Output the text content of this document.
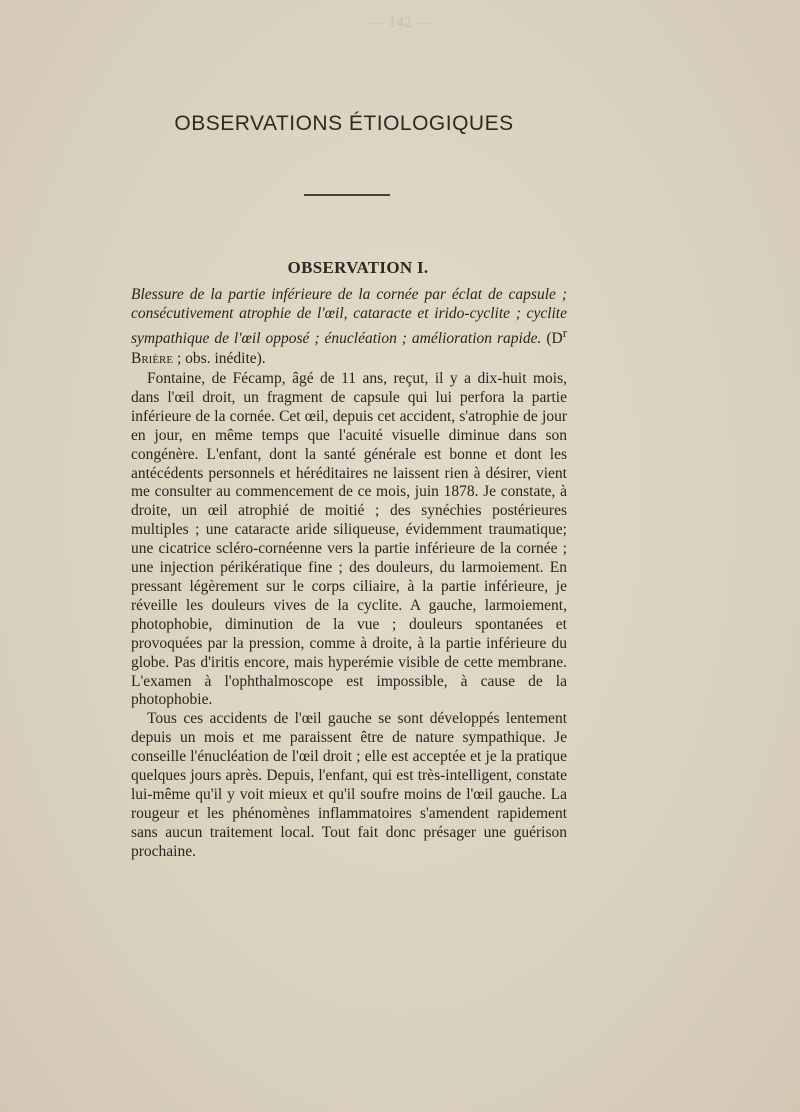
— 142 —
OBSERVATIONS ÉTIOLOGIQUES
OBSERVATION I.
Blessure de la partie inférieure de la cornée par éclat de capsule ; consécutivement atrophie de l'œil, cataracte et irido-cyclite ; cyclite sympathique de l'œil opposé ; énucléation ; amélioration rapide. ($D^r$ Brière ; obs. inédite).

Fontaine, de Fécamp, âgé de 11 ans, reçut, il y a dix-huit mois, dans l'œil droit, un fragment de capsule qui lui perfora la partie inférieure de la cornée. Cet œil, depuis cet accident, s'atrophie de jour en jour, en même temps que l'acuité visuelle diminue dans son congénère. L'enfant, dont la santé générale est bonne et dont les antécédents personnels et héréditaires ne laissent rien à désirer, vient me consulter au commencement de ce mois, juin 1878. Je constate, à droite, un œil atrophié de moitié ; des synéchies postérieures multiples ; une cataracte aride siliqueuse, évidemment traumatique; une cicatrice scléro-cornéenne vers la partie inférieure de la cornée ; une injection périkératique fine ; des douleurs, du larmoiement. En pressant légèrement sur le corps ciliaire, à la partie inférieure, je réveille les douleurs vives de la cyclite. A gauche, larmoiement, photophobie, diminution de la vue ; douleurs spontanées et provoquées par la pression, comme à droite, à la partie inférieure du globe. Pas d'iritis encore, mais hyperémie visible de cette membrane. L'examen à l'ophthalmoscope est impossible, à cause de la photophobie.

Tous ces accidents de l'œil gauche se sont développés lentement depuis un mois et me paraissent être de nature sympathique. Je conseille l'énucléation de l'œil droit ; elle est acceptée et je la pratique quelques jours après. Depuis, l'enfant, qui est très-intelligent, constate lui-même qu'il y voit mieux et qu'il soufre moins de l'œil gauche. La rougeur et les phénomènes inflammatoires s'amendent rapidement sans aucun traitement local. Tout fait donc présager une guérison prochaine.
